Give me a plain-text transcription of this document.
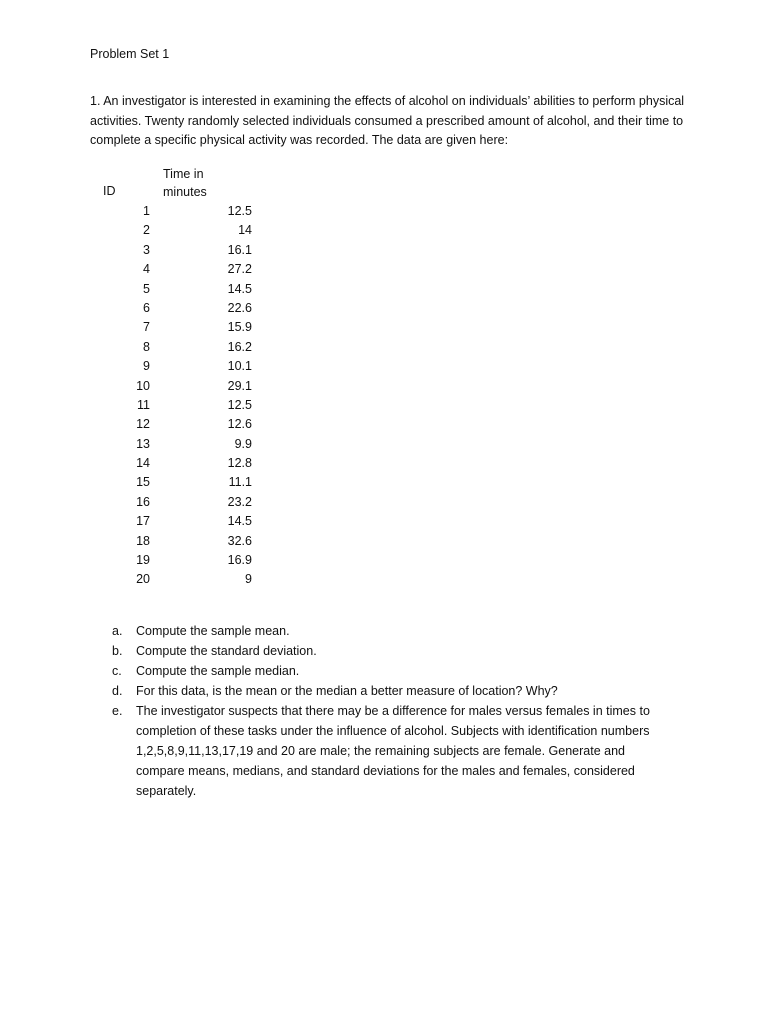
Problem Set 1

1. An investigator is interested in examining the effects of alcohol on individuals’ abilities to perform physical activities. Twenty randomly selected individuals consumed a prescribed amount of alcohol, and their time to complete a specific physical activity was recorded. The data are given here:

ID
Time in
minutes
1	12.5
2	14
3	16.1
4	27.2
5	14.5
6	22.6
7	15.9
8	16.2
9	10.1
10	29.1
11	12.5
12	12.6
13	9.9
14	12.8
15	11.1
16	23.2
17	14.5
18	32.6
19	16.9
20	9
a. Compute the sample mean.
b. Compute the standard deviation.
c. Compute the sample median.
d. For this data, is the mean or the median a better measure of location? Why?
e. The investigator suspects that there may be a difference for males versus females in times to completion of these tasks under the influence of alcohol. Subjects with identification numbers 1,2,5,8,9,11,13,17,19 and 20 are male; the remaining subjects are female. Generate and compare means, medians, and standard deviations for the males and females, considered separately.
